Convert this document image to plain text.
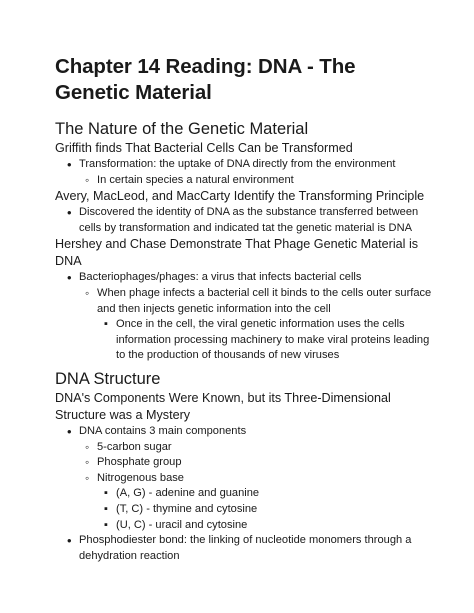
Chapter 14 Reading: DNA - The Genetic Material
The Nature of the Genetic Material
Griffith finds That Bacterial Cells Can be Transformed
•
Transformation: the uptake of DNA directly from the environment
◦
In certain species a natural environment
Avery, MacLeod, and MacCarty Identify the Transforming Principle
•
Discovered the identity of DNA as the substance transferred between cells by transformation and indicated tat the genetic material is DNA
Hershey and Chase Demonstrate That Phage Genetic Material is DNA
•
Bacteriophages/phages: a virus that infects bacterial cells
◦
When phage infects a bacterial cell it binds to the cells outer surface and then injects genetic information into the cell
▪
Once in the cell, the viral genetic information uses the cells information processing machinery to make viral proteins leading to the production of thousands of new viruses
DNA Structure
DNA's Components Were Known, but its Three-Dimensional Structure was a Mystery
•
DNA contains 3 main components
◦
5-carbon sugar
◦
Phosphate group
◦
Nitrogenous base
▪
(A, G) - adenine and guanine
▪
(T, C) - thymine and cytosine
▪
(U, C) - uracil and cytosine
•
Phosphodiester bond: the linking of nucleotide monomers through a dehydration reaction
